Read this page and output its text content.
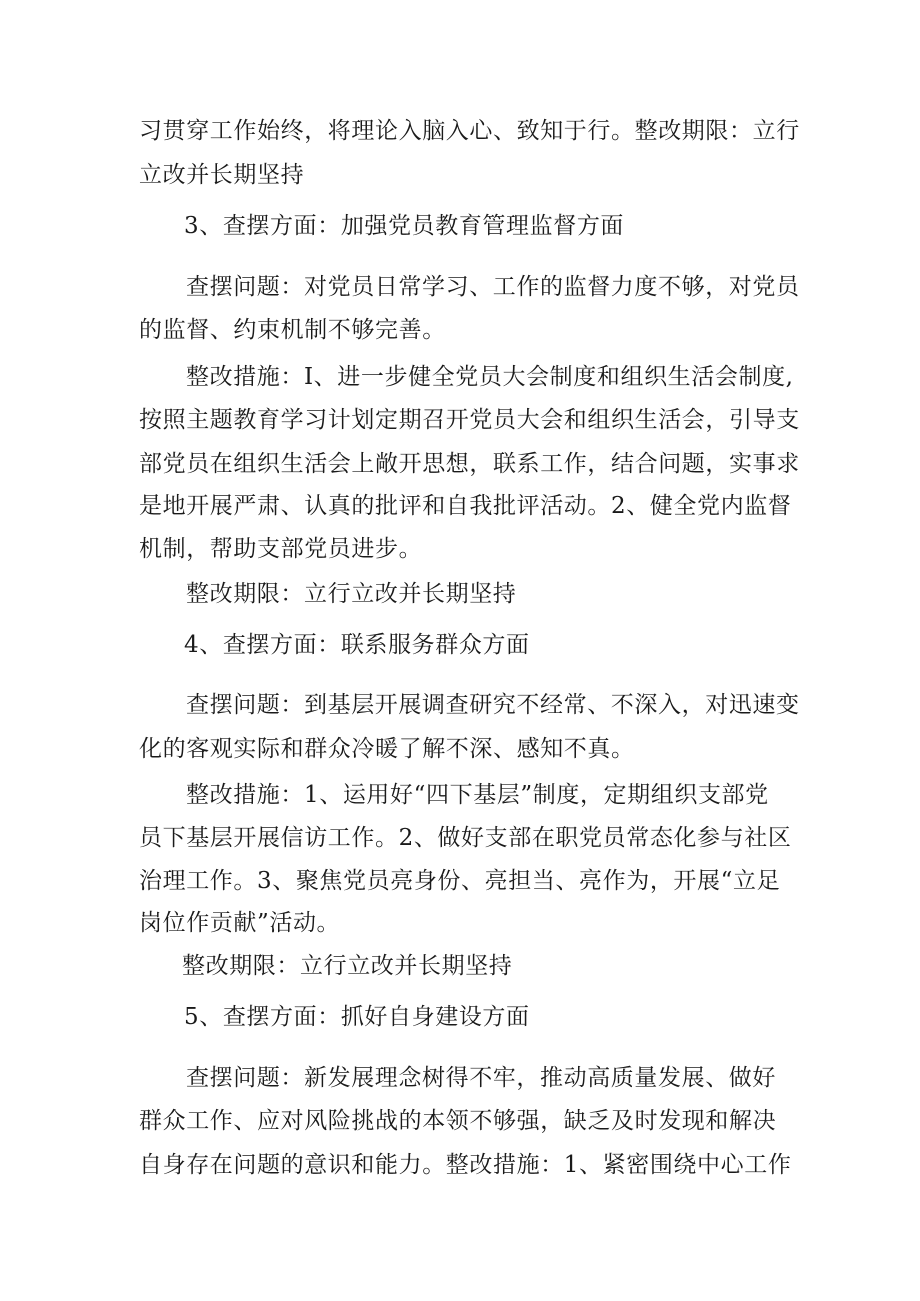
习贯穿工作始终，将理论入脑入心、致知于行。整改期限：立行
立改并长期坚持
3、查摆方面：加强党员教育管理监督方面
查摆问题：对党员日常学习、工作的监督力度不够，对党员
的监督、约束机制不够完善。
整改措施：I、进一步健全党员大会制度和组织生活会制度,
按照主题教育学习计划定期召开党员大会和组织生活会，引导支
部党员在组织生活会上敞开思想，联系工作，结合问题，实事求
是地开展严肃、认真的批评和自我批评活动。2、健全党内监督
机制，帮助支部党员进步。
整改期限：立行立改并长期坚持
4、查摆方面：联系服务群众方面
查摆问题：到基层开展调查研究不经常、不深入，对迅速变
化的客观实际和群众冷暖了解不深、感知不真。
整改措施：1、运用好“四下基层”制度，定期组织支部党
员下基层开展信访工作。2、做好支部在职党员常态化参与社区
治理工作。3、聚焦党员亮身份、亮担当、亮作为，开展“立足
岗位作贡献”活动。
整改期限：立行立改并长期坚持
5、查摆方面：抓好自身建设方面
查摆问题：新发展理念树得不牢，推动高质量发展、做好
群众工作、应对风险挑战的本领不够强，缺乏及时发现和解决
自身存在问题的意识和能力。整改措施：1、紧密围绕中心工作
